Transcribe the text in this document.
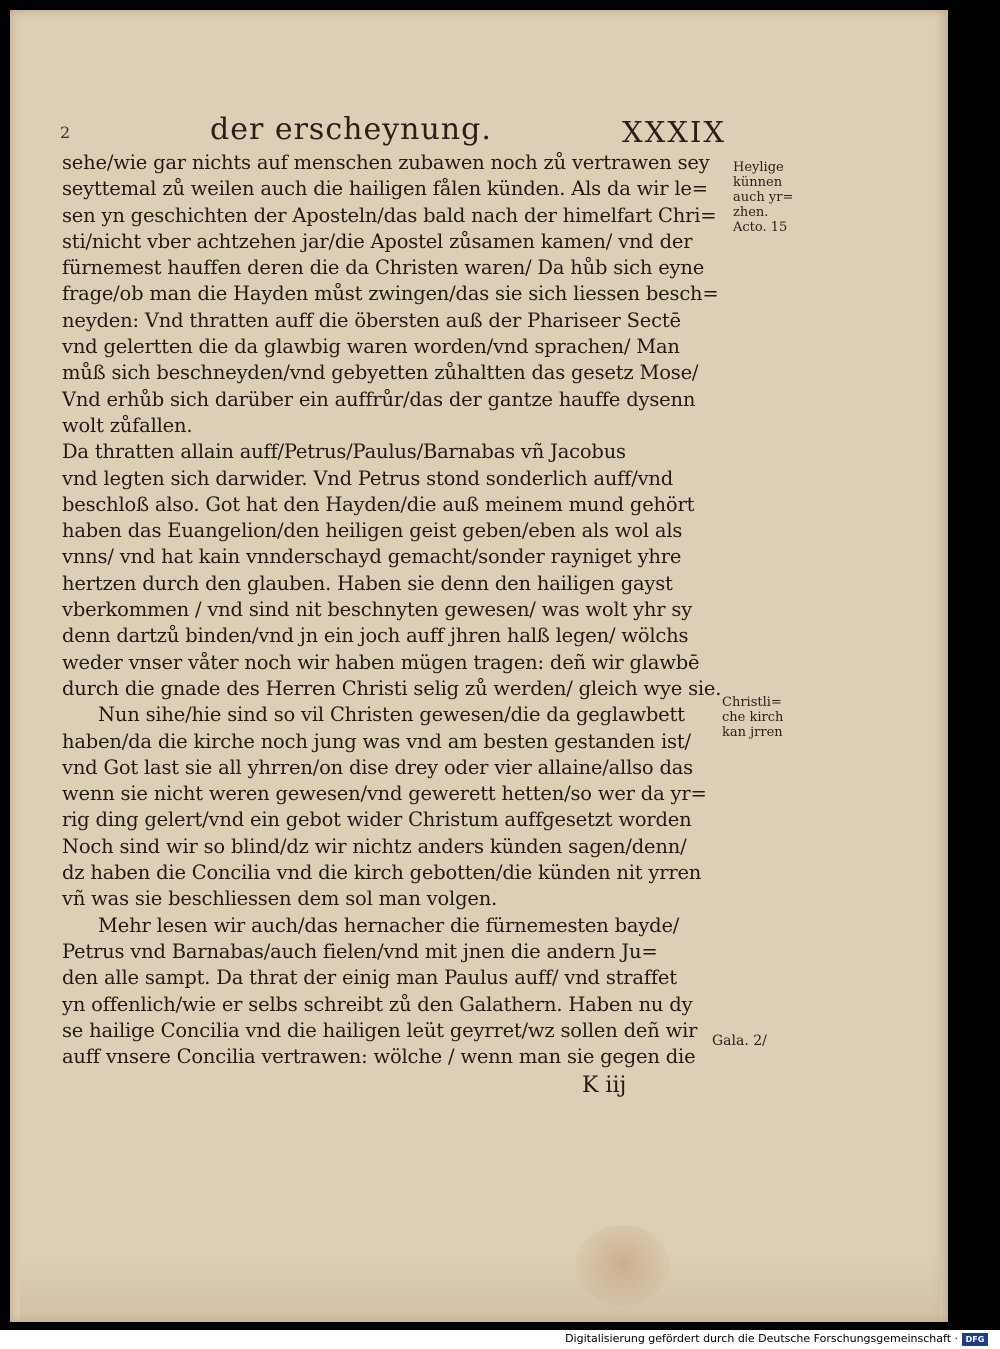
2	der erscheynung.	XXXIX
sehe/wie gar nichts auf menschen zubawen noch zů vertrawen sey
seyttemal zů weilen auch die hailigen fålen künden. Als da wir le=
sen yn geschichten der Aposteln/das bald nach der himelfart Chri=
sti/nicht vber achtzehen jar/die Apostel zůsamen kamen/ vnd der
fürnemest hauffen deren die da Christen waren/ Da hůb sich eyne
frage/ob man die Hayden můst zwingen/das sie sich liessen besch=
neyden: Vnd thratten auff die öbersten auß der Phariseer Sectē
vnd gelertten die da glawbig waren worden/vnd sprachen/ Man
můß sich beschneyden/vnd gebyetten zůhaltten das gesetz Mose/
Vnd erhůb sich darüber ein auffrůr/das der gantze hauffe dysenn
wolt zůfallen.
Da thratten allain auff/Petrus/Paulus/Barnabas vñ Jacobus
vnd legten sich darwider. Vnd Petrus stond sonderlich auff/vnd
beschloß also. Got hat den Hayden/die auß meinem mund gehört
haben das Euangelion/den heiligen geist geben/eben als wol als
vnns/ vnd hat kain vnnderschayd gemacht/sonder rayniget yhre
hertzen durch den glauben. Haben sie denn den hailigen gayst
vberkommen / vnd sind nit beschnyten gewesen/ was wolt yhr sy
denn dartzů binden/vnd jn ein joch auff jhren halß legen/ wölchs
weder vnser våter noch wir haben mügen tragen: deñ wir glawbē
durch die gnade des Herren Christi selig zů werden/ gleich wye sie.
Nun sihe/hie sind so vil Christen gewesen/die da geglawbett
haben/da die kirche noch jung was vnd am besten gestanden ist/
vnd Got last sie all yhrren/on dise drey oder vier allaine/allso das
wenn sie nicht weren gewesen/vnd gewerett hetten/so wer da yr=
rig ding gelert/vnd ein gebot wider Christum auffgesetzt worden
Noch sind wir so blind/dz wir nichtz anders künden sagen/denn/
dz haben die Concilia vnd die kirch gebotten/die künden nit yrren
vñ was sie beschliessen dem sol man volgen.
Mehr lesen wir auch/das hernacher die fürnemesten bayde/
Petrus vnd Barnabas/auch fielen/vnd mit jnen die andern Ju=
den alle sampt. Da thrat der einig man Paulus auff/ vnd straffet
yn offenlich/wie er selbs schreibt zů den Galathern. Haben nu dy
se hailige Concilia vnd die hailigen leüt geyrret/wz sollen deñ wir
auff vnsere Concilia vertrawen: wölche / wenn man sie gegen die
Heylige
künnen
auch yr=
zhen.
Acto. 15
Christli=
che kirch
kan jrren
Gala. 2/
K iij
Digitalisierung gefördert durch die Deutsche Forschungsgemeinschaft · DFG
